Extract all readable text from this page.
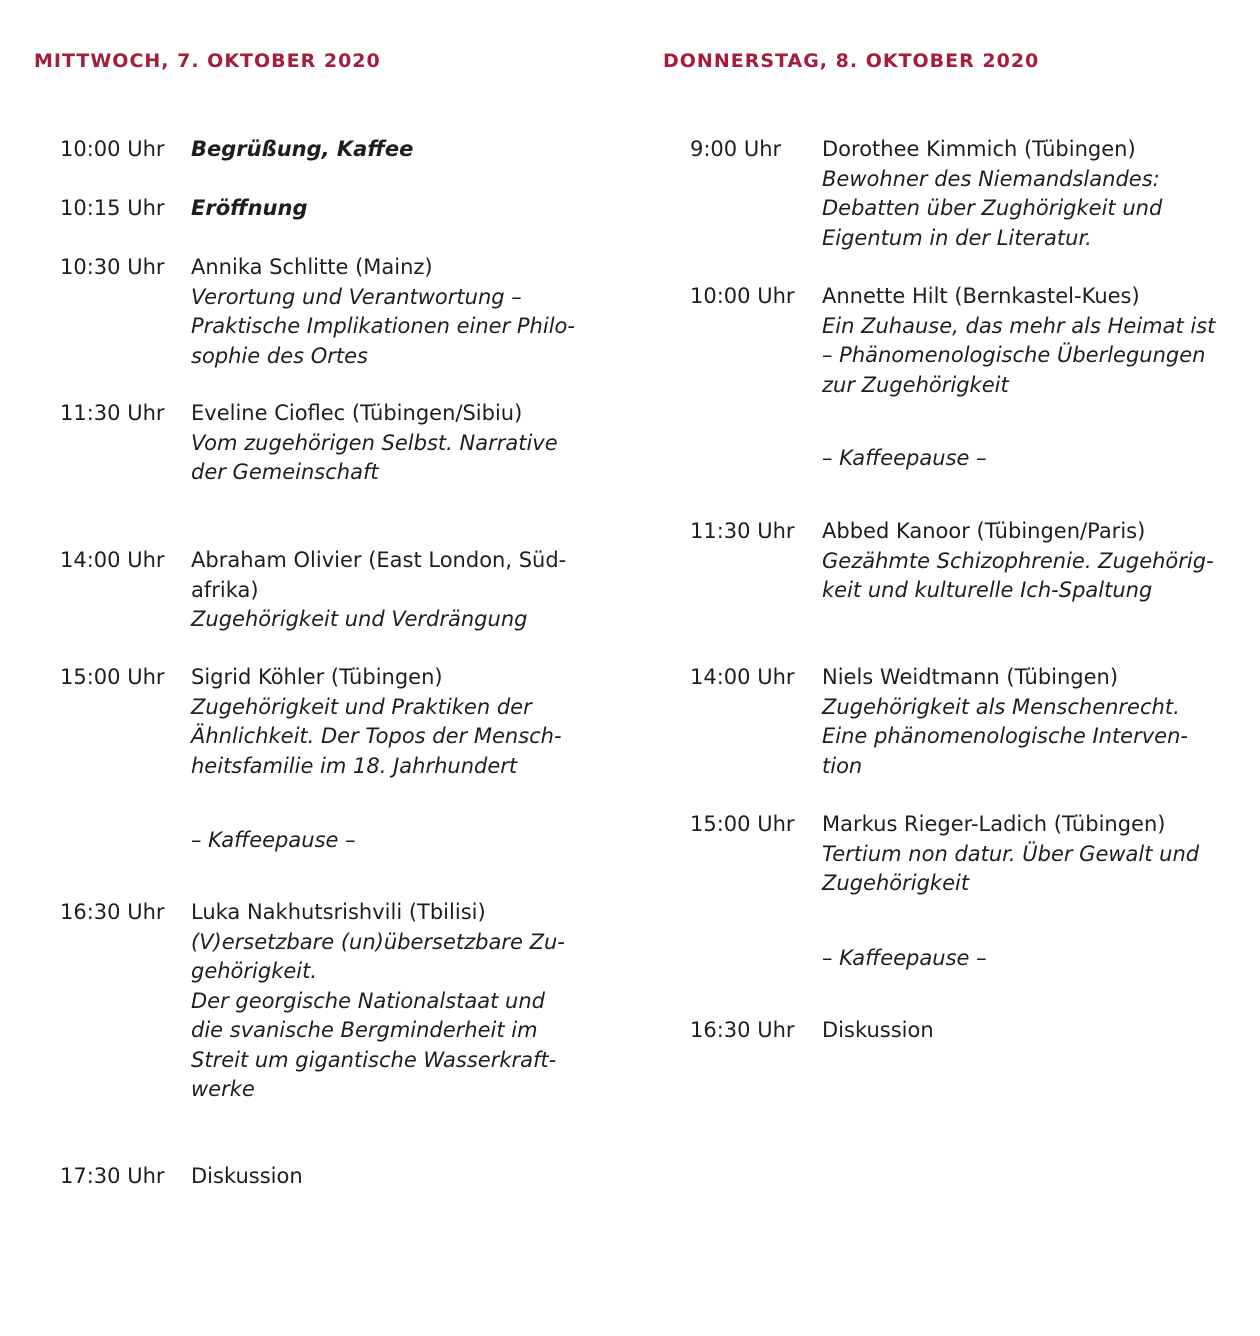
MITTWOCH, 7. OKTOBER 2020	DONNERSTAG, 8. OKTOBER 2020
10:00 Uhr Begrüßung, Kaffee
10:15 Uhr Eröffnung
10:30 Uhr Annika Schlitte (Mainz)
Verortung und Verantwortung –
Praktische Implikationen einer Philo-
sophie des Ortes
11:30 Uhr Eveline Cioflec (Tübingen/Sibiu)
Vom zugehörigen Selbst. Narrative
der Gemeinschaft
14:00 Uhr Abraham Olivier (East London, Süd-
afrika)
Zugehörigkeit und Verdrängung
15:00 Uhr Sigrid Köhler (Tübingen)
Zugehörigkeit und Praktiken der
Ähnlichkeit. Der Topos der Mensch-
heitsfamilie im 18. Jahrhundert
– Kaffeepause –
16:30 Uhr Luka Nakhutsrishvili (Tbilisi)
(V)ersetzbare (un)übersetzbare Zu-
gehörigkeit.
Der georgische Nationalstaat und
die svanische Bergminderheit im
Streit um gigantische Wasserkraft-
werke
17:30 Uhr Diskussion
9:00 Uhr Dorothee Kimmich (Tübingen)
Bewohner des Niemandslandes:
Debatten über Zughörigkeit und
Eigentum in der Literatur.
10:00 Uhr Annette Hilt (Bernkastel-Kues)
Ein Zuhause, das mehr als Heimat ist
– Phänomenologische Überlegungen
zur Zugehörigkeit
– Kaffeepause –
11:30 Uhr Abbed Kanoor (Tübingen/Paris)
Gezähmte Schizophrenie. Zugehörig-
keit und kulturelle Ich-Spaltung
14:00 Uhr Niels Weidtmann (Tübingen)
Zugehörigkeit als Menschenrecht.
Eine phänomenologische Interven-
tion
15:00 Uhr Markus Rieger-Ladich (Tübingen)
Tertium non datur. Über Gewalt und
Zugehörigkeit
– Kaffeepause –
16:30 Uhr Diskussion
